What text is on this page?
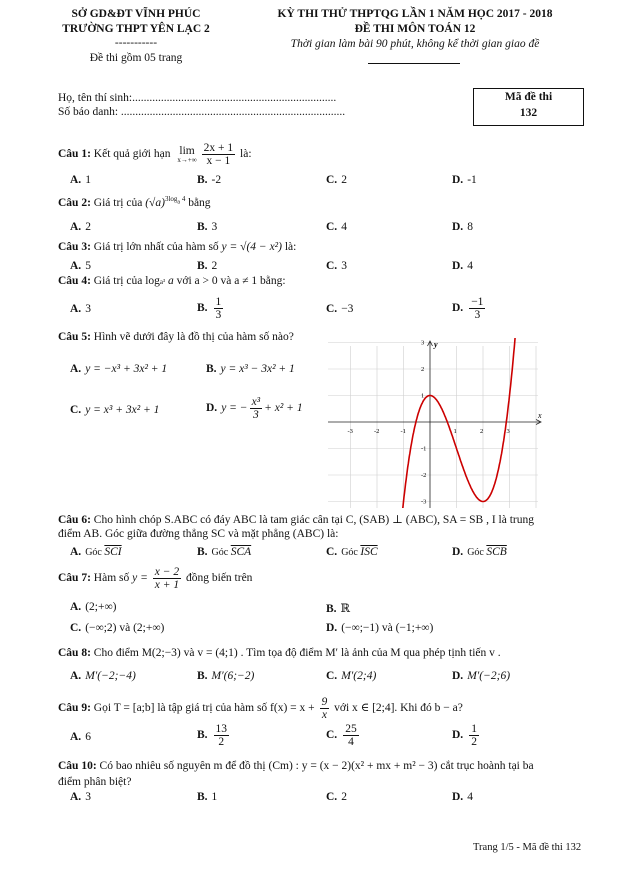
SỞ GD&ĐT VĨNH PHÚC
TRƯỜNG THPT YÊN LẠC 2
-----------
Đề thi gồm 05 trang
KỲ THI THỬ THPTQG LẦN 1 NĂM HỌC 2017 - 2018
ĐỀ THI MÔN TOÁN 12
Thời gian làm bài 90 phút, không kể thời gian giao đề
Họ, tên thí sinh:.......................................................................
Số báo danh: ..............................................................................
Mã đề thi
132
Câu 1: Kết quả giới hạn lim
x→+∞
$\frac{2x + 1}{x - 1}$ là:
A. 1	B. -2	C. 2	D. -1
Câu 2: Giá trị của $(√a)^{3loga 4}$ bằng
A. 2	B. 3	C. 4	D. 8
Câu 3: Giá trị lớn nhất của hàm số y = √(4 − x²) là:
A. 5	B. 2	C. 3	D. 4
Câu 4: Giá trị của loga³ a với a > 0 và a ≠ 1 bằng:
A. 3	B. $\frac{1}{3}$	C. −3	D. $\frac{-1}{3}$
Câu 5: Hình vẽ dưới đây là đồ thị của hàm số nào?
A. y = −x³ + 3x² + 1	B. y = x³ − 3x² + 1
C. y = x³ + 3x² + 1	D. y = − $\frac{\text{x³}}{3} + x^2 + 1$
-3	-2	-1	1	2	3
3
2
1
-1
-2
-3
x
y
Câu 6: Cho hình chóp S.ABC có đáy ABC là tam giác cân tại C, (SAB) ⊥ (ABC), SA = SB , I là trung
điểm AB. Góc giữa đường thẳng SC và mặt phẳng (ABC) là:
A. Góc $\overline{SCI}$	B. Góc $\overline{SCA}$	C. Góc $\overline{ISC}$	D. Góc $\overline{SCB}$
Câu 7: Hàm số $y = \frac{x - 2}{x + 1}$ đồng biến trên
A. (2;+∞)	B. ℝ
C. (−∞;2) và (2;+∞)	D. (−∞;−1) và (−1;+∞)
Câu 8: Cho điểm M(2;−3) và v = (4;1) . Tìm tọa độ điểm M′ là ảnh của M qua phép tịnh tiến v .
A. M′(−2;−4)	B. M′(6;−2)	C. M′(2;4)	D. M′(−2;6)
Câu 9: Gọi T = [a;b] là tập giá trị của hàm số $f(x) = x + \frac{9}{x}$ với x ∈ [2;4]. Khi đó b − a?
A. 6	B. $\frac{13}{2}$	C. $\frac{25}{4}$	D. $\frac{1}{2}$
Câu 10: Có bao nhiêu số nguyên m để đồ thị (Cm) : y = (x − 2)(x² + mx + m² − 3) cắt trục hoành tại ba
điểm phân biệt?
A. 3	B. 1	C. 2	D. 4
Trang 1/5 - Mã đề thi 132
